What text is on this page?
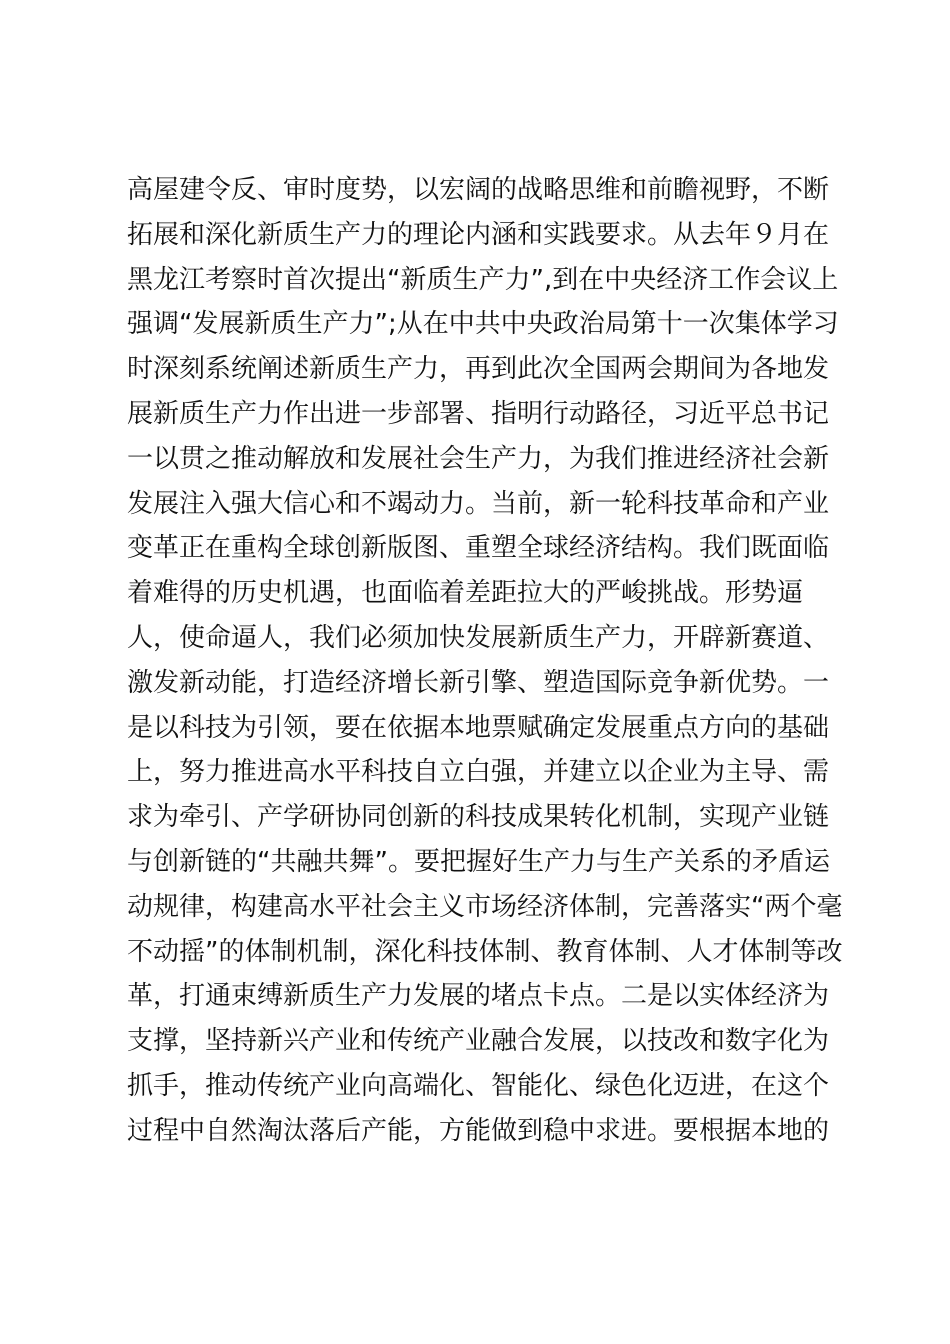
高屋建令反、审时度势，以宏阔的战略思维和前瞻视野，不断
拓展和深化新质生产力的理论内涵和实践要求。从去年９月在
黑龙江考察时首次提出“新质生产力”,到在中央经济工作会议上
强调“发展新质生产力”;从在中共中央政治局第十一次集体学习
时深刻系统阐述新质生产力，再到此次全国两会期间为各地发
展新质生产力作出进一步部署、指明行动路径，习近平总书记
一以贯之推动解放和发展社会生产力，为我们推进经济社会新
发展注入强大信心和不竭动力。当前，新一轮科技革命和产业
变革正在重构全球创新版图、重塑全球经济结构。我们既面临
着难得的历史机遇，也面临着差距拉大的严峻挑战。形势逼
人，使命逼人，我们必须加快发展新质生产力，开辟新赛道、
激发新动能，打造经济增长新引擎、塑造国际竞争新优势。一
是以科技为引领，要在依据本地票赋确定发展重点方向的基础
上，努力推进高水平科技自立白强，并建立以企业为主导、需
求为牵引、产学研协同创新的科技成果转化机制，实现产业链
与创新链的“共融共舞”。要把握好生产力与生产关系的矛盾运
动规律，构建高水平社会主义市场经济体制，完善落实“两个毫
不动摇”的体制机制，深化科技体制、教育体制、人才体制等改
革，打通束缚新质生产力发展的堵点卡点。二是以实体经济为
支撑，坚持新兴产业和传统产业融合发展，以技改和数字化为
抓手，推动传统产业向高端化、智能化、绿色化迈进，在这个
过程中自然淘汰落后产能，方能做到稳中求进。要根据本地的
